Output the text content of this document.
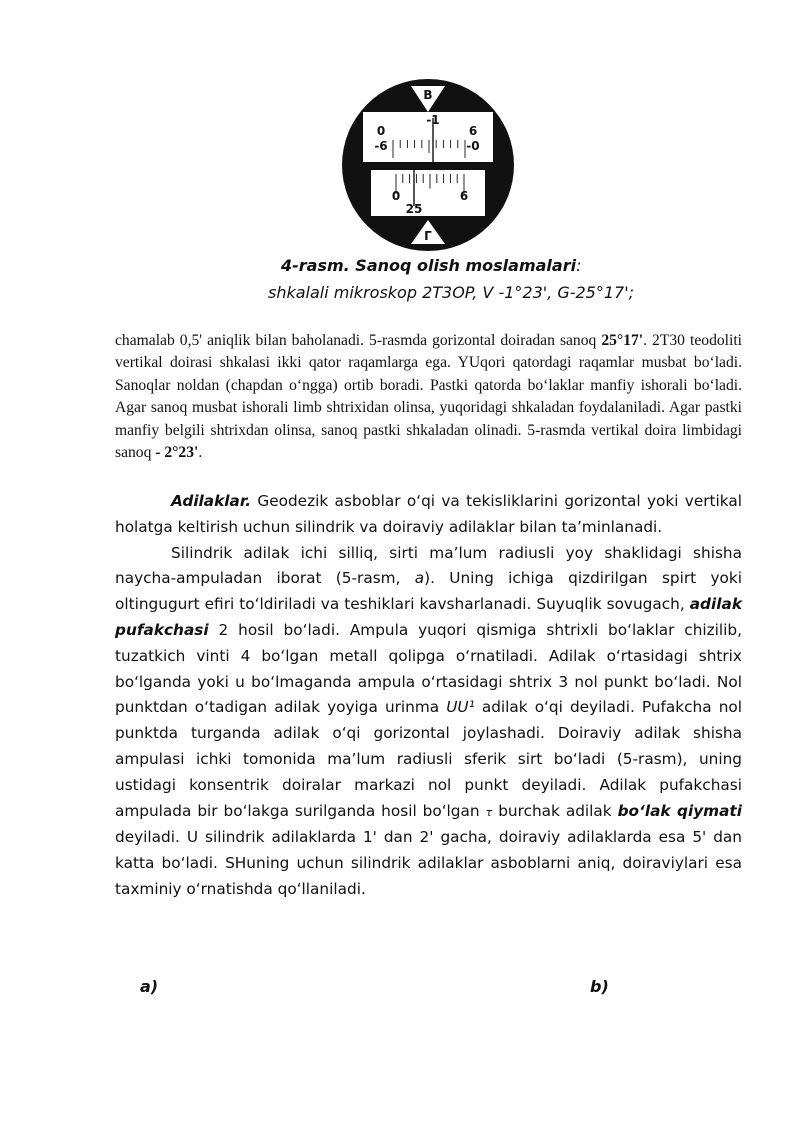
B
Г
-1
0
-6
6
-0
0	6
25
4-rasm. Sanoq olish moslamalari:
shkalali mikroskop 2T3OP, V -1°23', G-25°17';
chamalab 0,5' aniqlik bilan baholanadi. 5-rasmda gorizontal doiradan sanoq 25°17'. 2T30 teodoliti vertikal doirasi shkalasi ikki qator raqamlarga ega. YUqori qatordagi raqamlar musbat bo‘ladi. Sanoqlar noldan (chapdan o‘ngga) ortib boradi. Pastki qatorda bo‘laklar manfiy ishorali bo‘ladi. Agar sanoq musbat ishorali limb shtrixidan olinsa, yuqoridagi shkaladan foydalaniladi. Agar pastki manfiy belgili shtrixdan olinsa, sanoq pastki shkaladan olinadi. 5-rasmda vertikal doira limbidagi sanoq - 2°23'.

Adilaklar. Geodezik asboblar o‘qi va tekisliklarini gorizontal yoki vertikal holatga keltirish uchun silindrik va doiraviy adilaklar bilan ta’minlanadi.

Silindrik adilak ichi silliq, sirti ma’lum radiusli yoy shaklidagi shisha naycha-ampuladan iborat (5-rasm, a). Uning ichiga qizdirilgan spirt yoki oltingugurt efiri to‘ldiriladi va teshiklari kavsharlanadi. Suyuqlik sovugach, adilak pufakchasi 2 hosil bo‘ladi. Ampula yuqori qismiga shtrixli bo‘laklar chizilib, tuzatkich vinti 4 bo‘lgan metall qolipga o‘rnatiladi. Adilak o‘rtasidagi shtrix bo‘lganda yoki u bo‘lmaganda ampula o‘rtasidagi shtrix 3 nol punkt bo‘ladi. Nol punktdan o‘tadigan adilak yoyiga urinma UU¹ adilak o‘qi deyiladi. Pufakcha nol punktda turganda adilak o‘qi gorizontal joylashadi. Doiraviy adilak shisha ampulasi ichki tomonida ma’lum radiusli sferik sirt bo‘ladi (5-rasm), uning ustidagi konsentrik doiralar markazi nol punkt deyiladi. Adilak pufakchasi ampulada bir bo‘lakga surilganda hosil bo‘lgan τ burchak adilak bo‘lak qiymati deyiladi. U silindrik adilaklarda 1' dan 2' gacha, doiraviy adilaklarda esa 5' dan katta bo‘ladi. SHuning uchun silindrik adilaklar asboblarni aniq, doiraviylari esa taxminiy o‘rnatishda qo‘llaniladi.

a)	b)
